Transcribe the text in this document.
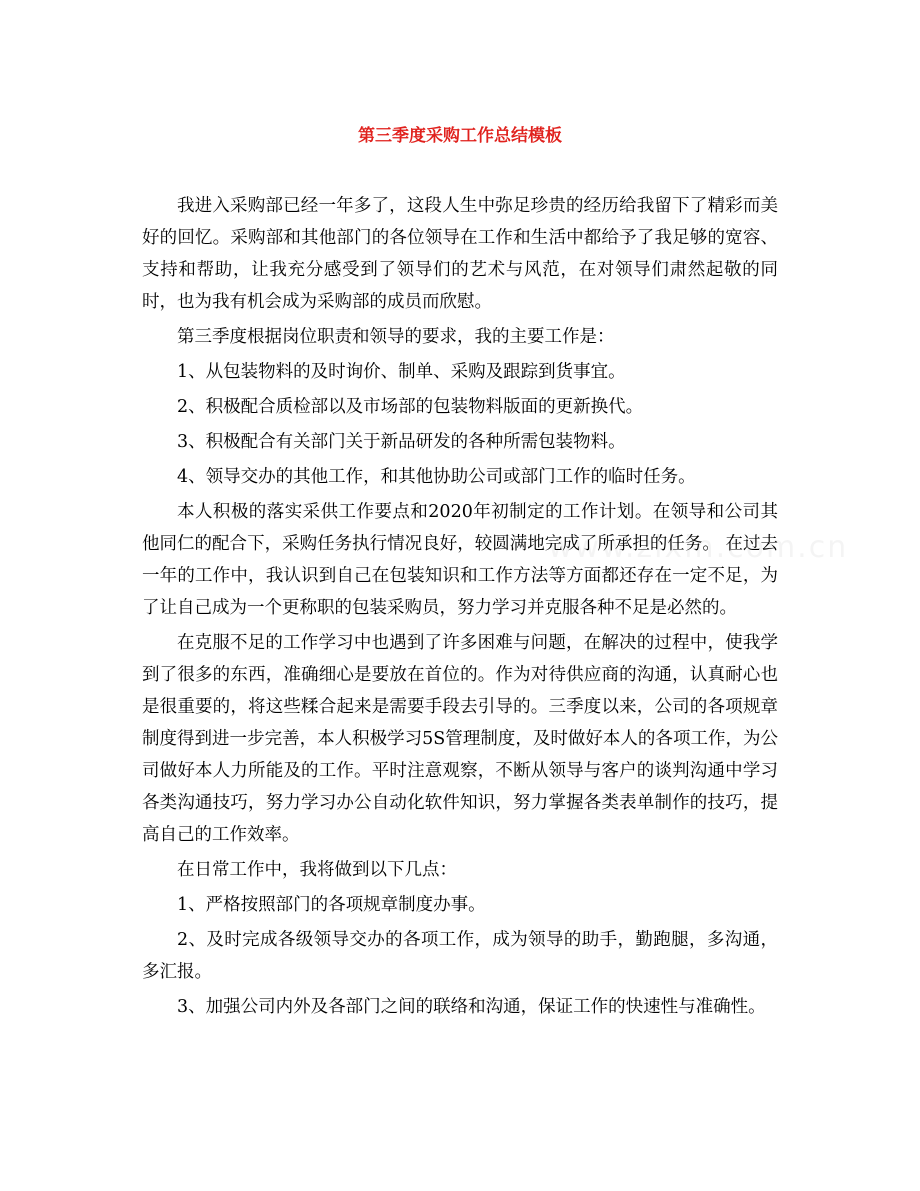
第三季度采购工作总结模板

我进入采购部已经一年多了，这段人生中弥足珍贵的经历给我留下了精彩而美好的回忆。采购部和其他部门的各位领导在工作和生活中都给予了我足够的宽容、支持和帮助，让我充分感受到了领导们的艺术与风范，在对领导们肃然起敬的同时，也为我有机会成为采购部的成员而欣慰。

第三季度根据岗位职责和领导的要求，我的主要工作是：

1、从包装物料的及时询价、制单、采购及跟踪到货事宜。

2、积极配合质检部以及市场部的包装物料版面的更新换代。

3、积极配合有关部门关于新品研发的各种所需包装物料。

4、领导交办的其他工作，和其他协助公司或部门工作的临时任务。

本人积极的落实采供工作要点和2020年初制定的工作计划。在领导和公司其他同仁的配合下，采购任务执行情况良好，较圆满地完成了所承担的任务。 在过去一年的工作中，我认识到自己在包装知识和工作方法等方面都还存在一定不足，为了让自己成为一个更称职的包装采购员，努力学习并克服各种不足是必然的。

在克服不足的工作学习中也遇到了许多困难与问题，在解决的过程中，使我学到了很多的东西，准确细心是要放在首位的。作为对待供应商的沟通，认真耐心也是很重要的，将这些糅合起来是需要手段去引导的。三季度以来，公司的各项规章制度得到进一步完善，本人积极学习5S管理制度，及时做好本人的各项工作，为公司做好本人力所能及的工作。平时注意观察，不断从领导与客户的谈判沟通中学习各类沟通技巧，努力学习办公自动化软件知识，努力掌握各类表单制作的技巧，提高自己的工作效率。

在日常工作中，我将做到以下几点：

1、严格按照部门的各项规章制度办事。

2、及时完成各级领导交办的各项工作，成为领导的助手，勤跑腿，多沟通，多汇报。

3、加强公司内外及各部门之间的联络和沟通，保证工作的快速性与准确性。
